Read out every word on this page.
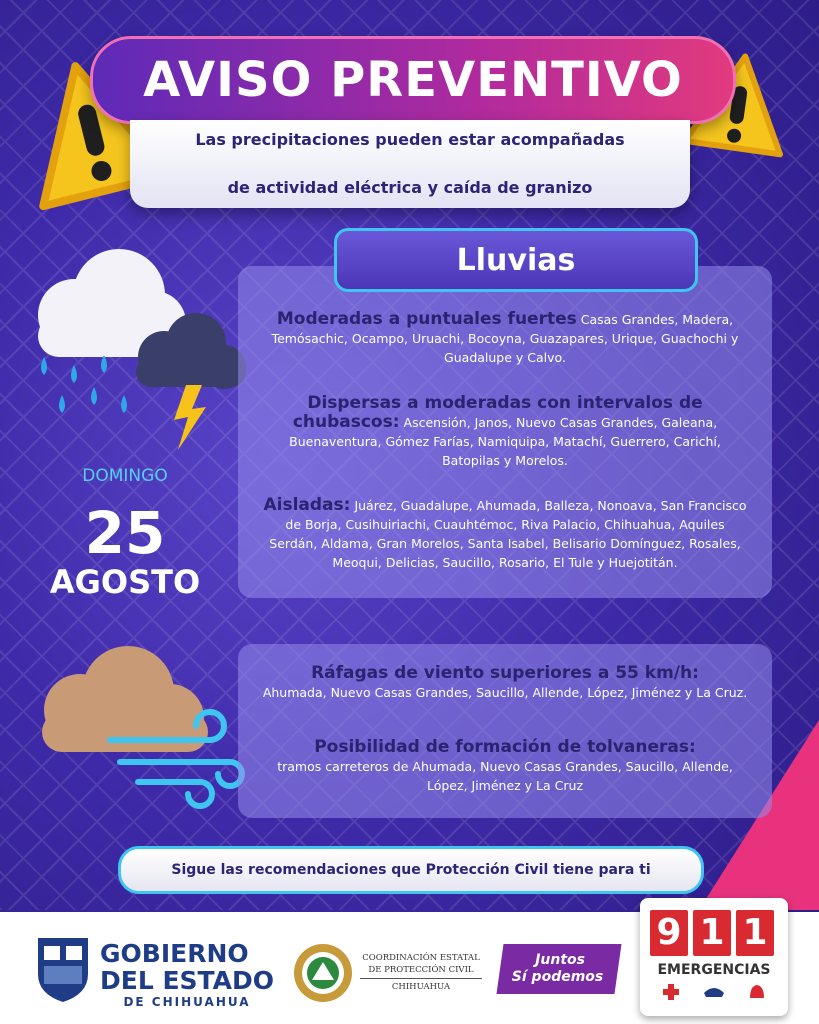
AVISO PREVENTIVO
Las precipitaciones pueden estar acompañadas

de actividad eléctrica y caída de granizo
DOMINGO
25
AGOSTO
Lluvias
Moderadas a puntuales fuertes Casas Grandes, Madera, Temósachic, Ocampo, Uruachi, Bocoyna, Guazapares, Urique, Guachochi y Guadalupe y Calvo.
Dispersas a moderadas con intervalos de chubascos: Ascensión, Janos, Nuevo Casas Grandes, Galeana, Buenaventura, Gómez Farías, Namiquipa, Matachí, Guerrero, Carichí, Batopilas y Morelos.
Aisladas: Juárez, Guadalupe, Ahumada, Balleza, Nonoava, San Francisco de Borja, Cusihuiriachi, Cuauhtémoc, Riva Palacio, Chihuahua, Aquiles Serdán, Aldama, Gran Morelos, Santa Isabel, Belisario Domínguez, Rosales, Meoqui, Delicias, Saucillo, Rosario, El Tule y Huejotitán.
Ráfagas de viento superiores a 55 km/h:
Ahumada, Nuevo Casas Grandes, Saucillo, Allende, López, Jiménez y La Cruz.
Posibilidad de formación de tolvaneras:
tramos carreteros de Ahumada, Nuevo Casas Grandes, Saucillo, Allende, López, Jiménez y La Cruz
Sigue las recomendaciones que Protección Civil tiene para ti
GOBIERNO
DEL ESTADO
DE CHIHUAHUA
COORDINACIÓN ESTATAL
DE PROTECCIÓN CIVIL
CHIHUAHUA
Juntos
Sí podemos
9 1 1
EMERGENCIAS
